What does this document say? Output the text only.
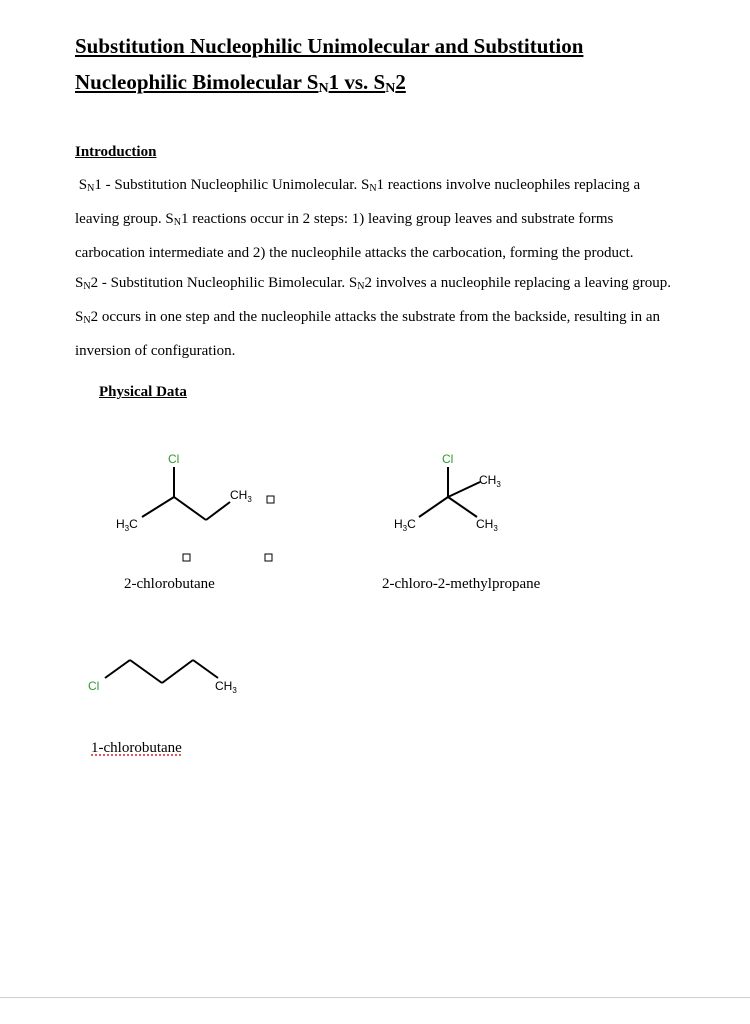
Substitution Nucleophilic Unimolecular and Substitution
Nucleophilic Bimolecular $S_N1$ vs. $S_N2$
Introduction

$S_N1$ - Substitution Nucleophilic Unimolecular. $S_N1$ reactions involve nucleophiles replacing a leaving group. $S_N1$ reactions occur in 2 steps: 1) leaving group leaves and substrate forms carbocation intermediate and 2) the nucleophile attacks the carbocation, forming the product.

$S_N2$ - Substitution Nucleophilic Bimolecular. $S_N2$ involves a nucleophile replacing a leaving group. $S_N2$ occurs in one step and the nucleophile attacks the substrate from the backside, resulting in an inversion of configuration.

Physical Data
Cl
$H_3C$
$CH_3$
Cl
$H_3C$
$CH_3$
$CH_3$
Cl	$CH_3$
2-chlorobutane	2-chloro-2-methylpropane
1-chlorobutane
